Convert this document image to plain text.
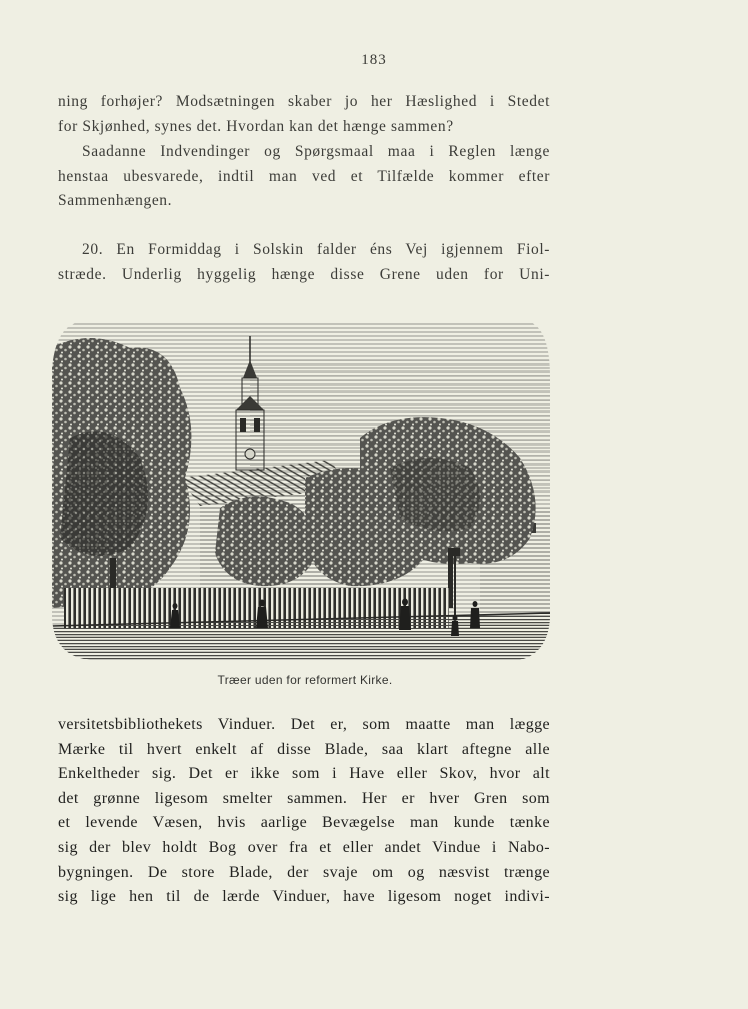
183
ning forhøjer? Modsætningen skaber jo her Hæslighed i Stedet
for Skjønhed, synes det. Hvordan kan det hænge sammen?
Saadanne Indvendinger og Spørgsmaal maa i Reglen længe
henstaa ubesvarede, indtil man ved et Tilfælde kommer efter
Sammenhængen.
20. En Formiddag i Solskin falder éns Vej igjennem Fiol-
stræde. Underlig hyggelig hænge disse Grene uden for Uni-
Træer uden for reformert Kirke.
versitetsbibliothekets Vinduer. Det er, som maatte man lægge
Mærke til hvert enkelt af disse Blade, saa klart aftegne alle
Enkeltheder sig. Det er ikke som i Have eller Skov, hvor alt
det grønne ligesom smelter sammen. Her er hver Gren som
et levende Væsen, hvis aarlige Bevægelse man kunde tænke
sig der blev holdt Bog over fra et eller andet Vindue i Nabo-
bygningen. De store Blade, der svaje om og næsvist trænge
sig lige hen til de lærde Vinduer, have ligesom noget indivi-
